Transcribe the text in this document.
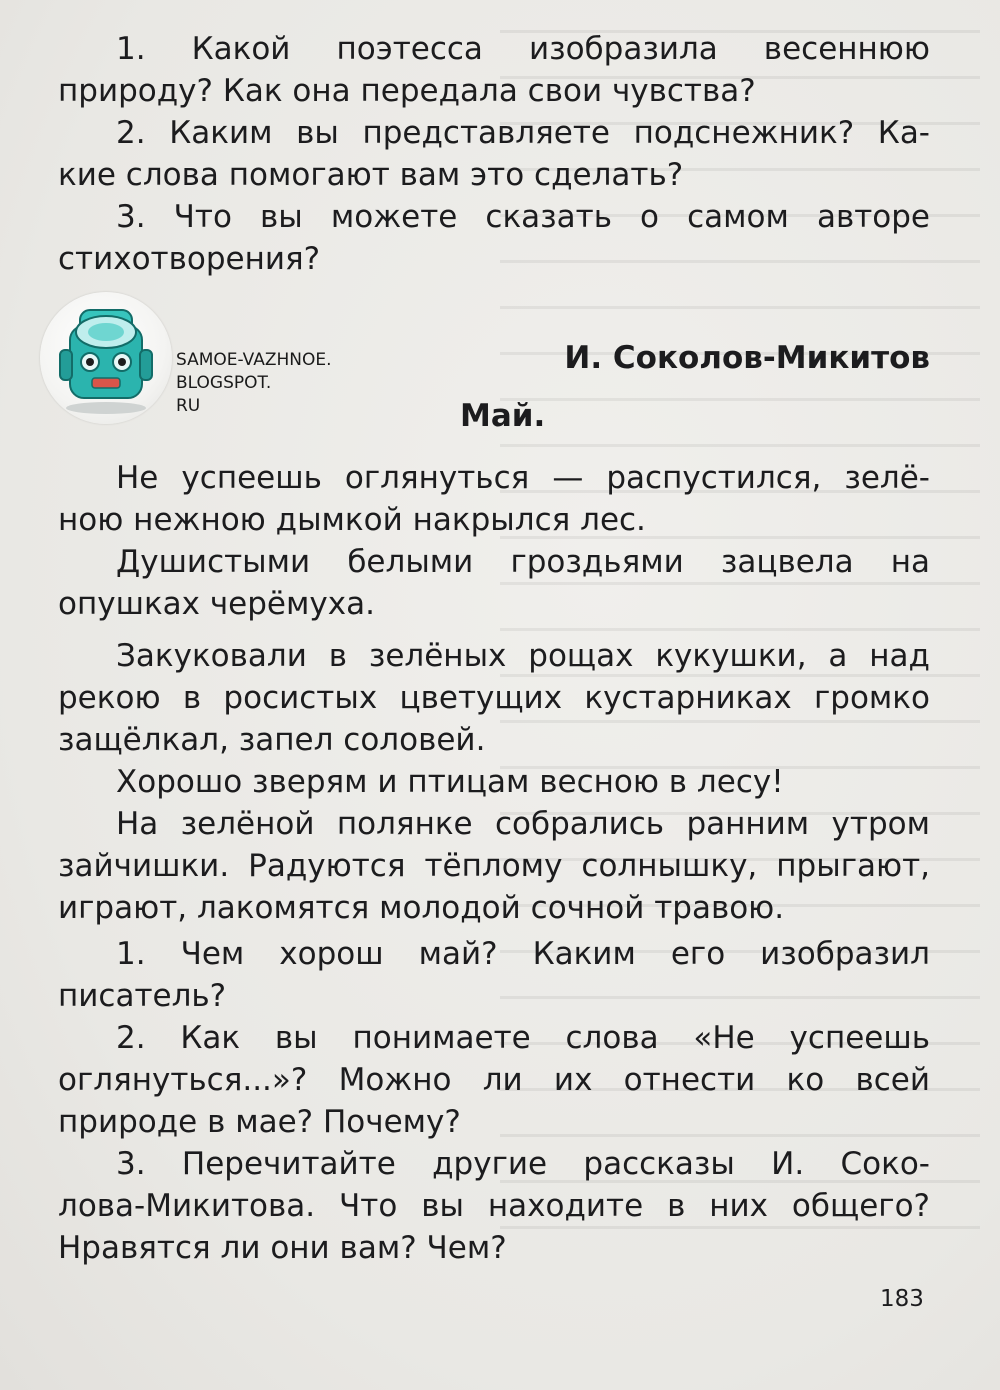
1. Какой поэтесса изобразила весеннюю
природу? Как она передала свои чувства?
2. Каким вы представляете подснежник? Ка-
кие слова помогают вам это сделать?
3. Что вы можете сказать о самом авторе
стихотворения?
SAMOE-VAZHNOE.
BLOGSPOT.
RU
И. Соколов-Микитов
Май.
Не успеешь оглянуться — распустился, зелё-
ною нежною дымкой накрылся лес.
Душистыми белыми гроздьями зацвела на
опушках черёмуха.
Закуковали в зелёных рощах кукушки, а над
рекою в росистых цветущих кустарниках громко
защёлкал, запел соловей.
Хорошо зверям и птицам весною в лесу!
На зелёной полянке собрались ранним утром
зайчишки. Радуются тёплому солнышку, прыгают,
играют, лакомятся молодой сочной травою.
1. Чем хорош май? Каким его изобразил
писатель?
2. Как вы понимаете слова «Не успеешь
оглянуться...»? Можно ли их отнести ко всей
природе в мае? Почему?
3. Перечитайте другие рассказы И. Соко-
лова-Микитова. Что вы находите в них общего?
Нравятся ли они вам? Чем?
183
